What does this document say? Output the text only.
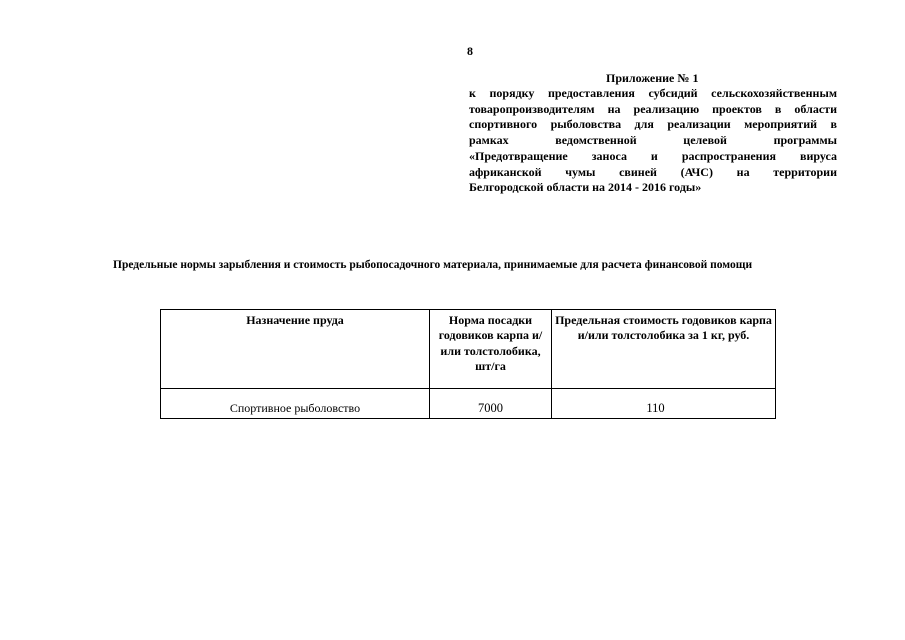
8
Приложение № 1
к порядку предоставления субсидий сельскохозяйственным
товаропроизводителям на реализацию проектов в области
спортивного рыболовства для реализации мероприятий в
рамках ведомственной целевой программы
«Предотвращение заноса и распространения вируса
африканской чумы свиней (АЧС) на территории
Белгородской области на 2014 - 2016 годы»
Предельные нормы зарыбления и стоимость рыбопосадочного материала, принимаемые для расчета финансовой помощи
Назначение пруда	Норма посадки годовиков карпа и/или толстолобика, шт/га	Предельная стоимость годовиков карпа и/или толстолобика за 1 кг, руб.
Спортивное рыболовство	7000	110
